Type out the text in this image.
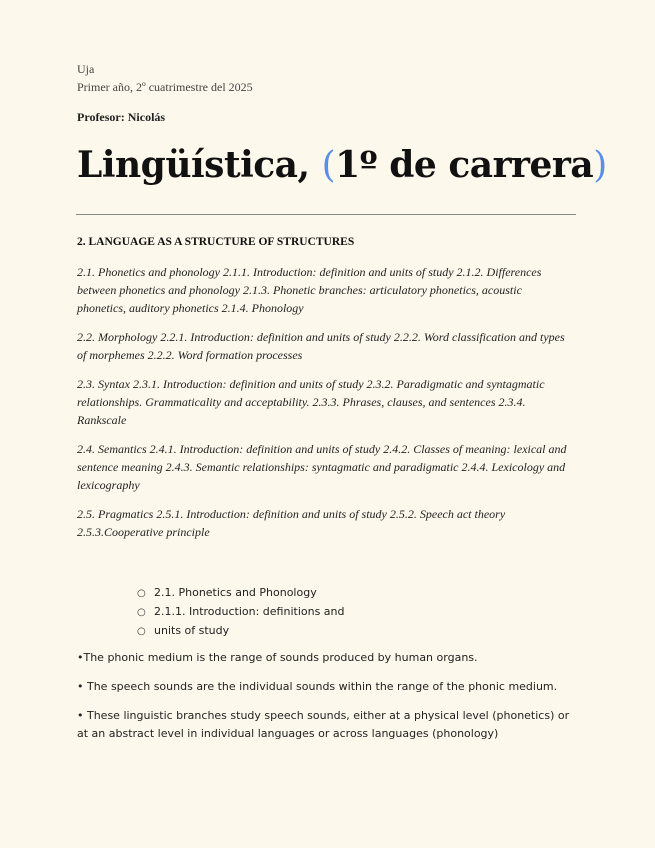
Uja
Primer año, 2º cuatrimestre del 2025
Profesor: Nicolás
Lingüística, (1º de carrera)
2. LANGUAGE AS A STRUCTURE OF STRUCTURES

2.1. Phonetics and phonology 2.1.1. Introduction: definition and units of study 2.1.2. Differences between phonetics and phonology 2.1.3. Phonetic branches: articulatory phonetics, acoustic phonetics, auditory phonetics 2.1.4. Phonology

2.2. Morphology 2.2.1. Introduction: definition and units of study 2.2.2. Word classification and types of morphemes 2.2.2. Word formation processes

2.3. Syntax 2.3.1. Introduction: definition and units of study 2.3.2. Paradigmatic and syntagmatic relationships. Grammaticality and acceptability. 2.3.3. Phrases, clauses, and sentences 2.3.4. Rankscale

2.4. Semantics 2.4.1. Introduction: definition and units of study 2.4.2. Classes of meaning: lexical and sentence meaning 2.4.3. Semantic relationships: syntagmatic and paradigmatic 2.4.4. Lexicology and lexicography

2.5. Pragmatics 2.5.1. Introduction: definition and units of study 2.5.2. Speech act theory 2.5.3.Cooperative principle

○ 2.1. Phonetics and Phonology
○ 2.1.1. Introduction: definitions and
○ units of study

•The phonic medium is the range of sounds produced by human organs.

• The speech sounds are the individual sounds within the range of the phonic medium.

• These linguistic branches study speech sounds, either at a physical level (phonetics) or at an abstract level in individual languages or across languages (phonology)
